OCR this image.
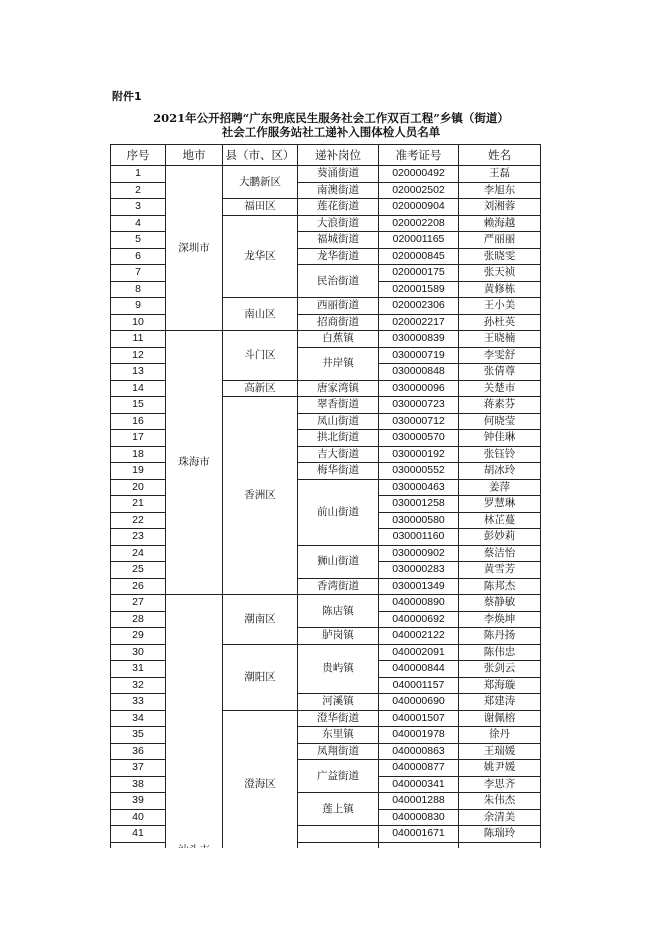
附件1
2021年公开招聘“广东兜底民生服务社会工作双百工程”乡镇（街道）
社会工作服务站社工递补入围体检人员名单
序号	地市	县（市、区）	递补岗位	准考证号	姓名	
1	深圳市	大鹏新区	葵涌街道	020000492	王磊	
2			南澳街道	020002502	李旭东	
3		福田区	莲花街道	020000904	刘湘蓉	
4		龙华区	大浪街道	020002208	赖海越	
5			福城街道	020001165	严丽丽	
6			龙华街道	020000845	张晓雯	
7			民治街道	020000175	张天祯	
8				020001589	黄修栋	
9		南山区	西丽街道	020002306	王小美	
10			招商街道	020002217	孙杜英	
11	珠海市	斗门区	白蕉镇	030000839	王晓楠	
12			井岸镇	030000719	李雯舒	
13				030000848	张倩尊	
14		高新区	唐家湾镇	030000096	关楚市	
15		香洲区	翠香街道	030000723	蒋素芬	
16			凤山街道	030000712	何晓莹	
17			拱北街道	030000570	钟佳琳	
18			吉大街道	030000192	张钰铃	
19			梅华街道	030000552	胡冰玲	
20			前山街道	030000463	姜萍	
21				030001258	罗慧琳	
22				030000580	林芷蔓	
23				030001160	彭妙莉	
24			狮山街道	030000902	蔡洁怡	
25				030000283	黄雪芳	
26			香湾街道	030001349	陈邦杰	
27		潮南区	陈店镇	040000890	蔡静敏	
28				040000692	李焕坤	
29			胪岗镇	040002122	陈丹扬	
30		潮阳区	贵屿镇	040002091	陈伟忠	
31				040000844	张剑云	
32				040001157	郑海璇	
33			河溪镇	040000690	郑建涛	
34		澄海区	澄华街道	040001507	谢佩榕	
35			东里镇	040001978	徐丹	
36			凤翔街道	040000863	王瑞媛	
37			广益街道	040000877	姚尹媛	
38				040000341	李思齐	
39			莲上镇	040001288	朱伟杰	
40				040000830	余清美	
41				040001671	陈瑞玲	
